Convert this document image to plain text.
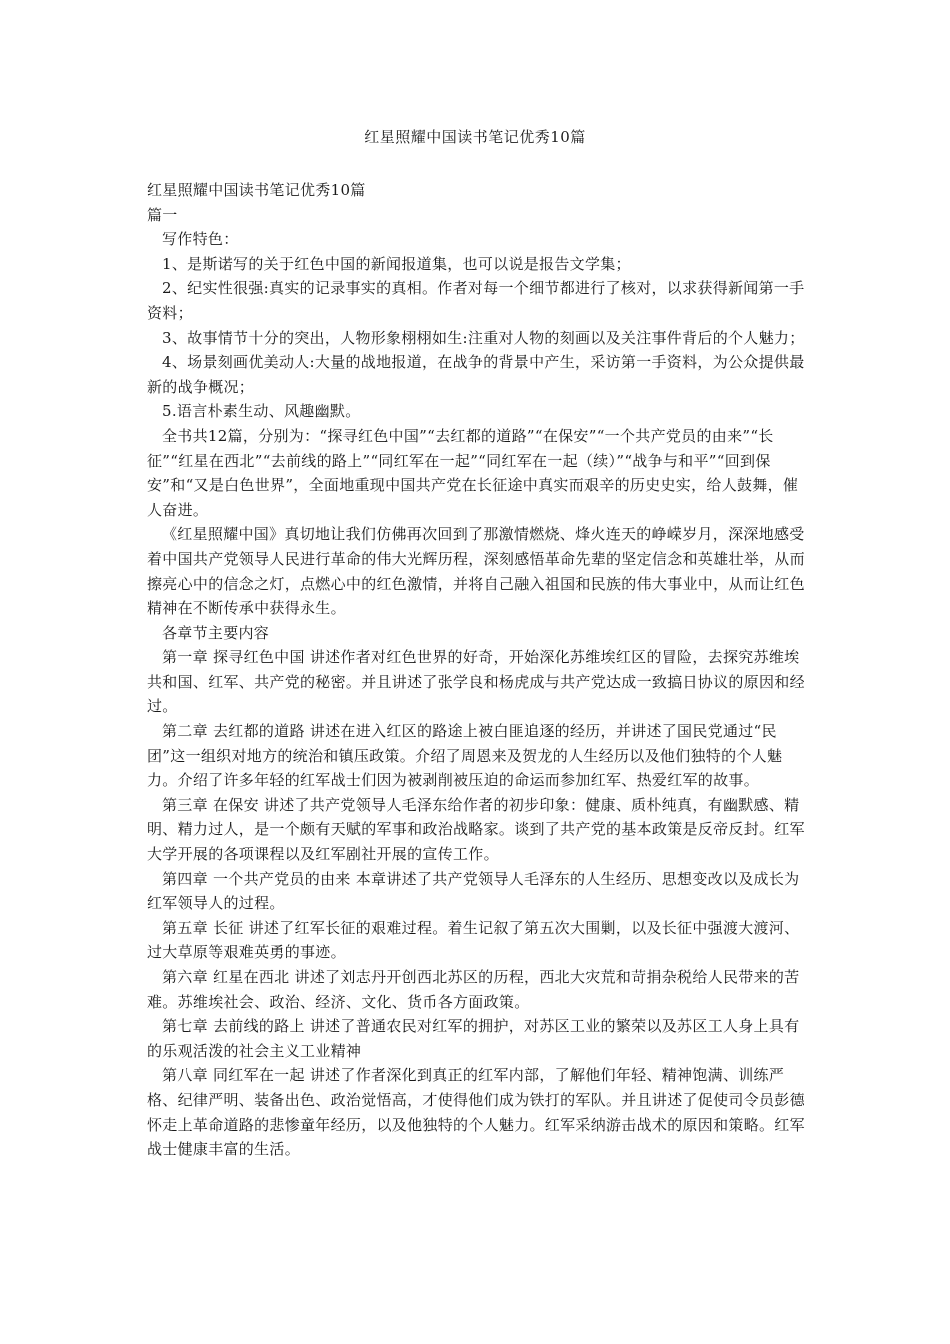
红星照耀中国读书笔记优秀10篇

红星照耀中国读书笔记优秀10篇

篇一

写作特色：

1、是斯诺写的关于红色中国的新闻报道集，也可以说是报告文学集；

2、纪实性很强:真实的记录事实的真相。作者对每一个细节都进行了核对，以求获得新闻第一手资料；

3、故事情节十分的突出，人物形象栩栩如生:注重对人物的刻画以及关注事件背后的个人魅力；

4、场景刻画优美动人:大量的战地报道，在战争的背景中产生，采访第一手资料，为公众提供最新的战争概况；

5.语言朴素生动、风趣幽默。

全书共12篇，分别为：“探寻红色中国”“去红都的道路”“在保安”“一个共产党员的由来”“长征”“红星在西北”“去前线的路上”“同红军在一起”“同红军在一起（续）”“战争与和平”“回到保安”和“又是白色世界”，全面地重现中国共产党在长征途中真实而艰辛的历史史实，给人鼓舞，催人奋进。

《红星照耀中国》真切地让我们仿佛再次回到了那激情燃烧、烽火连天的峥嵘岁月，深深地感受着中国共产党领导人民进行革命的伟大光辉历程，深刻感悟革命先辈的坚定信念和英雄壮举，从而擦亮心中的信念之灯，点燃心中的红色激情，并将自己融入祖国和民族的伟大事业中，从而让红色精神在不断传承中获得永生。

各章节主要内容

第一章 探寻红色中国 讲述作者对红色世界的好奇，开始深化苏维埃红区的冒险，去探究苏维埃共和国、红军、共产党的秘密。并且讲述了张学良和杨虎成与共产党达成一致搞日协议的原因和经过。

第二章 去红都的道路 讲述在进入红区的路途上被白匪追逐的经历，并讲述了国民党通过“民团”这一组织对地方的统治和镇压政策。介绍了周恩来及贺龙的人生经历以及他们独特的个人魅力。介绍了许多年轻的红军战士们因为被剥削被压迫的命运而参加红军、热爱红军的故事。

第三章 在保安 讲述了共产党领导人毛泽东给作者的初步印象：健康、质朴纯真，有幽默感、精明、精力过人，是一个颇有天赋的军事和政治战略家。谈到了共产党的基本政策是反帝反封。红军大学开展的各项课程以及红军剧社开展的宣传工作。

第四章 一个共产党员的由来 本章讲述了共产党领导人毛泽东的人生经历、思想变改以及成长为红军领导人的过程。

第五章 长征 讲述了红军长征的艰难过程。着生记叙了第五次大围剿，以及长征中强渡大渡河、过大草原等艰难英勇的事迹。

第六章 红星在西北 讲述了刘志丹开创西北苏区的历程，西北大灾荒和苛捐杂税给人民带来的苦难。苏维埃社会、政治、经济、文化、货币各方面政策。

第七章 去前线的路上 讲述了普通农民对红军的拥护，对苏区工业的繁荣以及苏区工人身上具有的乐观活泼的社会主义工业精神

第八章 同红军在一起 讲述了作者深化到真正的红军内部，了解他们年轻、精神饱满、训练严格、纪律严明、装备出色、政治觉悟高，才使得他们成为铁打的军队。并且讲述了促使司令员彭德怀走上革命道路的悲惨童年经历，以及他独特的个人魅力。红军采纳游击战术的原因和策略。红军战士健康丰富的生活。
